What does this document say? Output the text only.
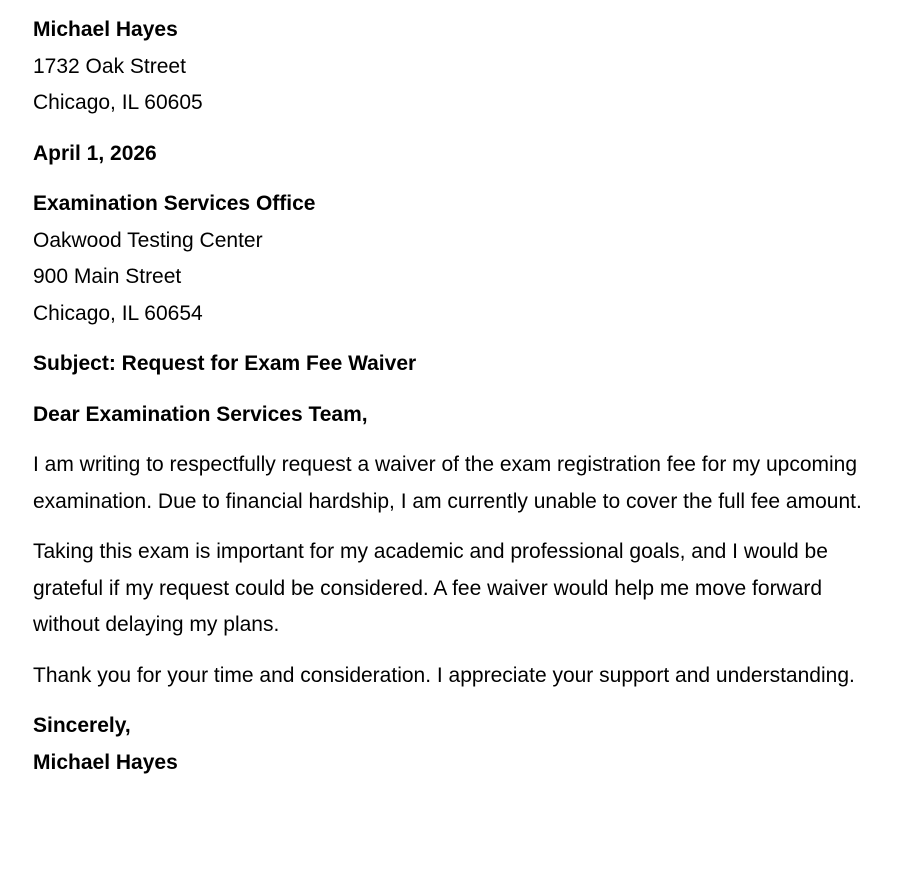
Michael Hayes
1732 Oak Street
Chicago, IL 60605
April 1, 2026
Examination Services Office
Oakwood Testing Center
900 Main Street
Chicago, IL 60654
Subject: Request for Exam Fee Waiver
Dear Examination Services Team,

I am writing to respectfully request a waiver of the exam registration fee for my upcoming examination. Due to financial hardship, I am currently unable to cover the full fee amount.

Taking this exam is important for my academic and professional goals, and I would be grateful if my request could be considered. A fee waiver would help me move forward without delaying my plans.

Thank you for your time and consideration. I appreciate your support and understanding.

Sincerely,
Michael Hayes
